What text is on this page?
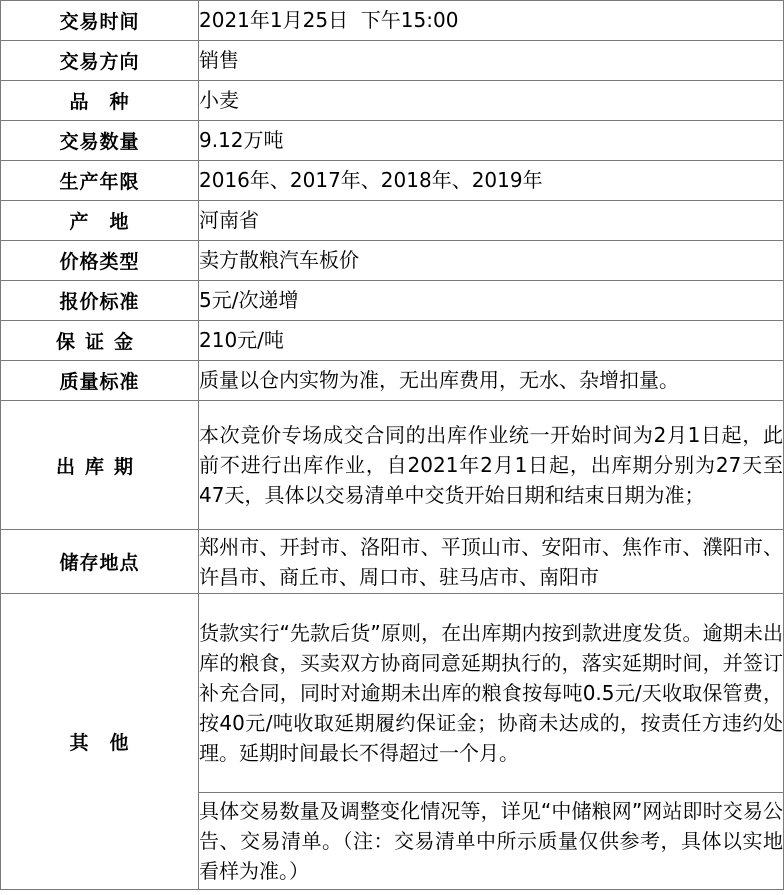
交易时间	2021年1月25日  下午15:00
交易方向	销售
品　种	小麦
交易数量	9.12万吨
生产年限	2016年、2017年、2018年、2019年
产　地	河南省
价格类型	卖方散粮汽车板价
报价标准	5元/次递增
保证金	210元/吨
质量标准	质量以仓内实物为准，无出库费用，无水、杂增扣量。
出库期	本次竞价专场成交合同的出库作业统一开始时间为2月1日起，此前不进行出库作业，自2021年2月1日起，出库期分别为27天至47天，具体以交易清单中交货开始日期和结束日期为准；
储存地点	郑州市、开封市、洛阳市、平顶山市、安阳市、焦作市、濮阳市、许昌市、商丘市、周口市、驻马店市、南阳市
其　他	货款实行“先款后货”原则，在出库期内按到款进度发货。逾期未出库的粮食，买卖双方协商同意延期执行的，落实延期时间，并签订补充合同，同时对逾期未出库的粮食按每吨0.5元/天收取保管费，按40元/吨收取延期履约保证金；协商未达成的，按责任方违约处理。延期时间最长不得超过一个月。
	具体交易数量及调整变化情况等，详见“中储粮网”网站即时交易公告、交易清单。（注：交易清单中所示质量仅供参考，具体以实地看样为准。）
